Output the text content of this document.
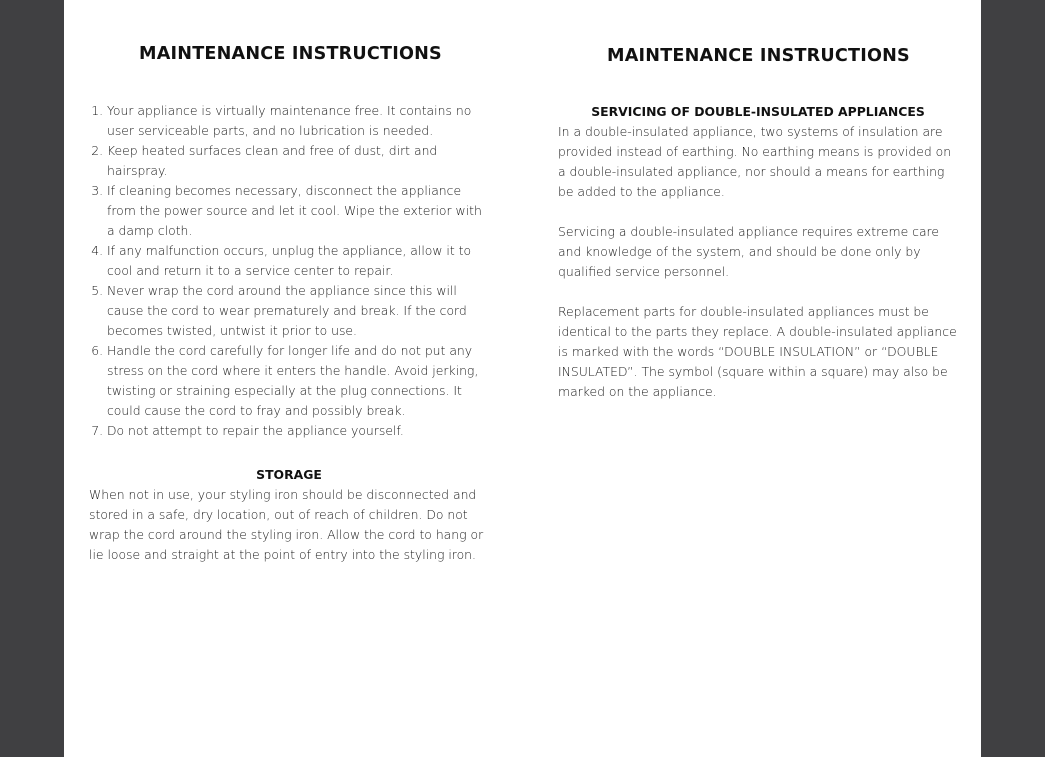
MAINTENANCE INSTRUCTIONS
1. Your appliance is virtually maintenance free. It contains no user serviceable parts, and no lubrication is needed.
2. Keep heated surfaces clean and free of dust, dirt and hairspray.
3. If cleaning becomes necessary, disconnect the appliance from the power source and let it cool. Wipe the exterior with a damp cloth.
4. If any malfunction occurs, unplug the appliance, allow it to cool and return it to a service center to repair.
5. Never wrap the cord around the appliance since this will cause the cord to wear prematurely and break. If the cord becomes twisted, untwist it prior to use.
6. Handle the cord carefully for longer life and do not put any stress on the cord where it enters the handle. Avoid jerking, twisting or straining especially at the plug connections. It could cause the cord to fray and possibly break.
7. Do not attempt to repair the appliance yourself.
STORAGE

When not in use, your styling iron should be disconnected and stored in a safe, dry location, out of reach of children. Do not wrap the cord around the styling iron. Allow the cord to hang or lie loose and straight at the point of entry into the styling iron.

MAINTENANCE INSTRUCTIONS
SERVICING OF DOUBLE-INSULATED APPLIANCES

In a double-insulated appliance, two systems of insulation are provided instead of earthing. No earthing means is provided on a double-insulated appliance, nor should a means for earthing be added to the appliance.

Servicing a double-insulated appliance requires extreme care and knowledge of the system, and should be done only by qualified service personnel.

Replacement parts for double-insulated appliances must be identical to the parts they replace. A double-insulated appliance is marked with the words “DOUBLE INSULATION” or “DOUBLE INSULATED”. The symbol (square within a square) may also be marked on the appliance.
